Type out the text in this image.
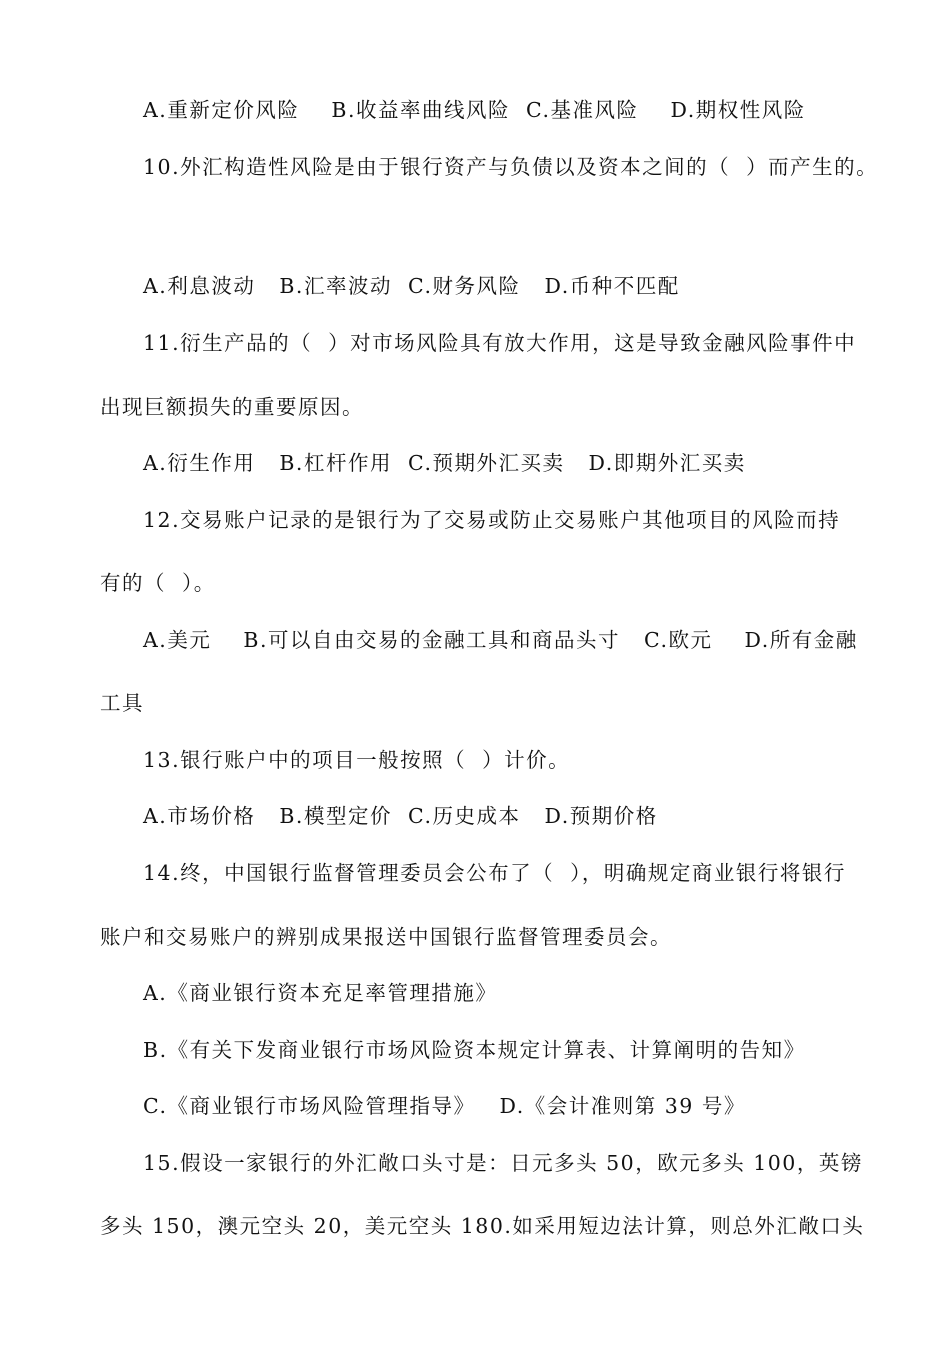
A.重新定价风险    B.收益率曲线风险  C.基准风险    D.期权性风险
10.外汇构造性风险是由于银行资产与负债以及资本之间的（  ）而产生的。
A.利息波动   B.汇率波动  C.财务风险   D.币种不匹配
11.衍生产品的（  ）对市场风险具有放大作用，这是导致金融风险事件中
出现巨额损失的重要原因。
A.衍生作用   B.杠杆作用  C.预期外汇买卖   D.即期外汇买卖
12.交易账户记录的是银行为了交易或防止交易账户其他项目的风险而持
有的（  ）。
A.美元    B.可以自由交易的金融工具和商品头寸   C.欧元    D.所有金融
工具
13.银行账户中的项目一般按照（  ）计价。
A.市场价格   B.模型定价  C.历史成本   D.预期价格
14.终，中国银行监督管理委员会公布了（  ），明确规定商业银行将银行
账户和交易账户的辨别成果报送中国银行监督管理委员会。
A.《商业银行资本充足率管理措施》
B.《有关下发商业银行市场风险资本规定计算表、计算阐明的告知》
C.《商业银行市场风险管理指导》   D.《会计准则第 39 号》
15.假设一家银行的外汇敞口头寸是：日元多头 50，欧元多头 100，英镑
多头 150，澳元空头 20，美元空头 180.如采用短边法计算，则总外汇敞口头
